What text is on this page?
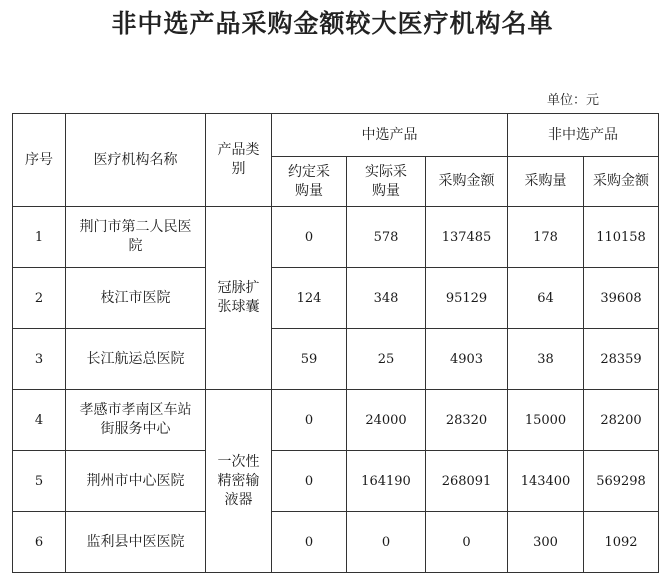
非中选产品采购金额较大医疗机构名单
单位：元
序号	医疗机构名称	产品类别	中选产品			非中选产品	
			约定采购量	实际采购量	采购金额	采购量	采购金额
1	荆门市第二人民医院	冠脉扩张球囊	0	578	137485	178	110158
2	枝江市医院		124	348	95129	64	39608
3	长江航运总医院		59	25	4903	38	28359
4	孝感市孝南区车站街服务中心	一次性精密输液器	0	24000	28320	15000	28200
5	荆州市中心医院		0	164190	268091	143400	569298
6	监利县中医医院		0	0	0	300	1092
